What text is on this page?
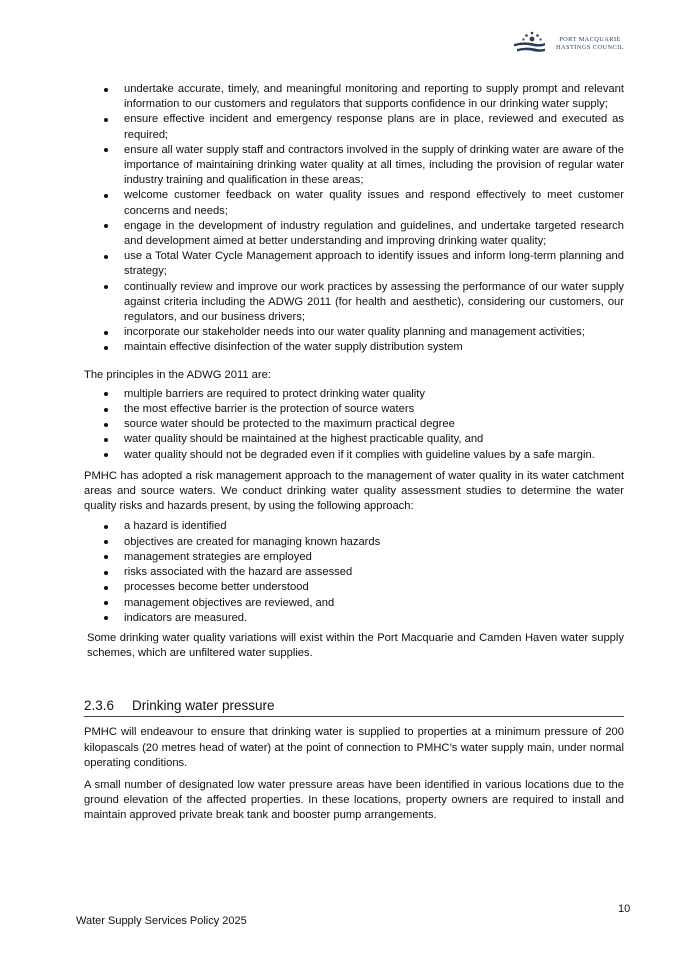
PORT MACQUARIE
HASTINGS COUNCIL
undertake accurate, timely, and meaningful monitoring and reporting to supply prompt and relevant information to our customers and regulators that supports confidence in our drinking water supply;
ensure effective incident and emergency response plans are in place, reviewed and executed as required;
ensure all water supply staff and contractors involved in the supply of drinking water are aware of the importance of maintaining drinking water quality at all times, including the provision of regular water industry training and qualification in these areas;
welcome customer feedback on water quality issues and respond effectively to meet customer concerns and needs;
engage in the development of industry regulation and guidelines, and undertake targeted research and development aimed at better understanding and improving drinking water quality;
use a Total Water Cycle Management approach to identify issues and inform long-term planning and strategy;
continually review and improve our work practices by assessing the performance of our water supply against criteria including the ADWG 2011 (for health and aesthetic), considering our customers, our regulators, and our business drivers;
incorporate our stakeholder needs into our water quality planning and management activities;
maintain effective disinfection of the water supply distribution system

The principles in the ADWG 2011 are:

multiple barriers are required to protect drinking water quality
the most effective barrier is the protection of source waters
source water should be protected to the maximum practical degree
water quality should be maintained at the highest practicable quality, and
water quality should not be degraded even if it complies with guideline values by a safe margin.

PMHC has adopted a risk management approach to the management of water quality in its water catchment areas and source waters. We conduct drinking water quality assessment studies to determine the water quality risks and hazards present, by using the following approach:

a hazard is identified
objectives are created for managing known hazards
management strategies are employed
risks associated with the hazard are assessed
processes become better understood
management objectives are reviewed, and
indicators are measured.

Some drinking water quality variations will exist within the Port Macquarie and Camden Haven water supply schemes, which are unfiltered water supplies.

2.3.6	Drinking water pressure

PMHC will endeavour to ensure that drinking water is supplied to properties at a minimum pressure of 200 kilopascals (20 metres head of water) at the point of connection to PMHC’s water supply main, under normal operating conditions.

A small number of designated low water pressure areas have been identified in various locations due to the ground elevation of the affected properties. In these locations, property owners are required to install and maintain approved private break tank and booster pump arrangements.

10
Water Supply Services Policy 2025
